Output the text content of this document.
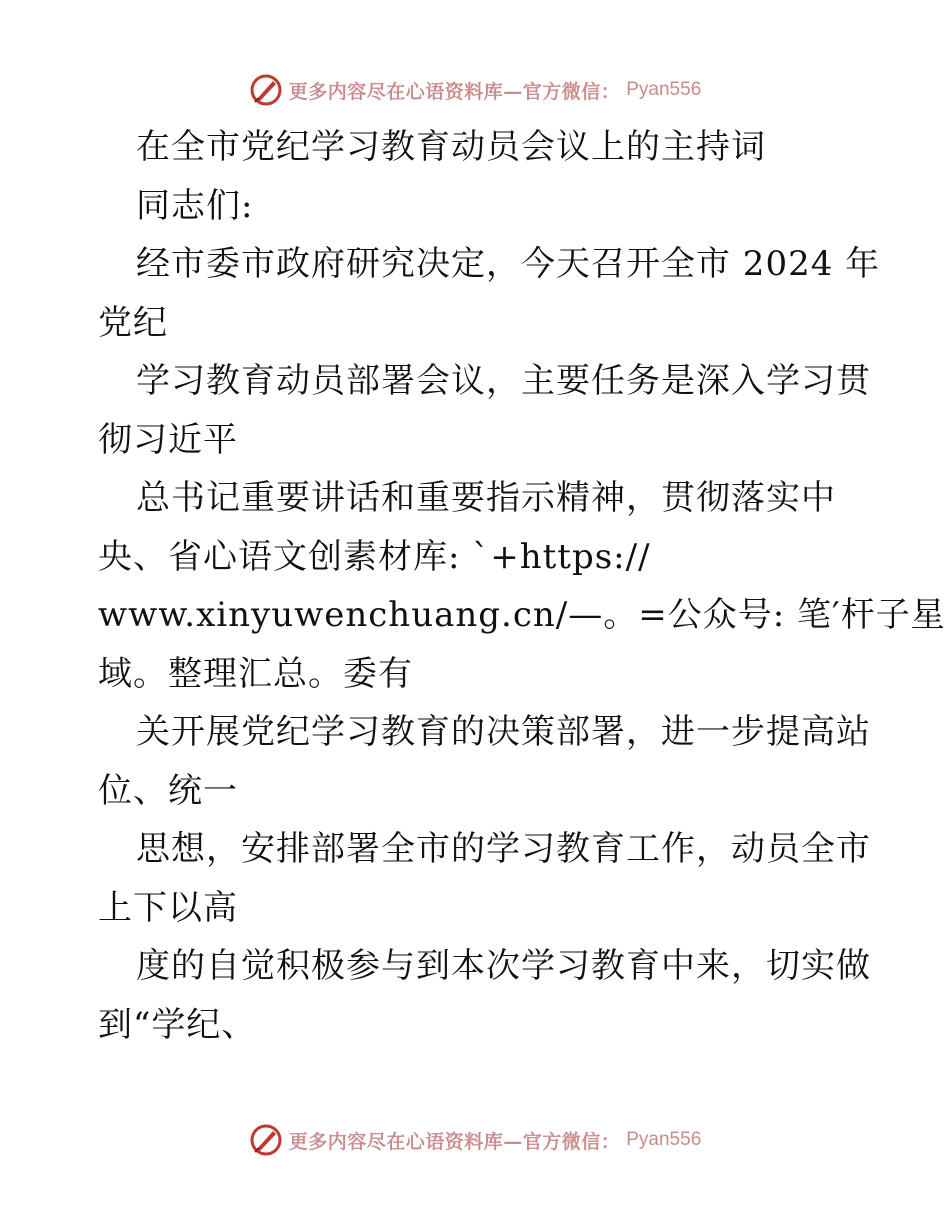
更多内容尽在心语资料库—官方微信： Pyan556
在全市党纪学习教育动员会议上的主持词
同志们:
经市委市政府研究决定，今天召开全市 2024 年
党纪
学习教育动员部署会议，主要任务是深入学习贯
彻习近平
总书记重要讲话和重要指示精神，贯彻落实中
央、省心语文创素材库: `+https://
www.xinyuwenchuang.cn/—。=公众号: 笔′杆子星
域。整理汇总。委有
关开展党纪学习教育的决策部署，进一步提高站
位、统一
思想，安排部署全市的学习教育工作，动员全市
上下以高
度的自觉积极参与到本次学习教育中来，切实做
到“学纪、
更多内容尽在心语资料库—官方微信： Pyan556
